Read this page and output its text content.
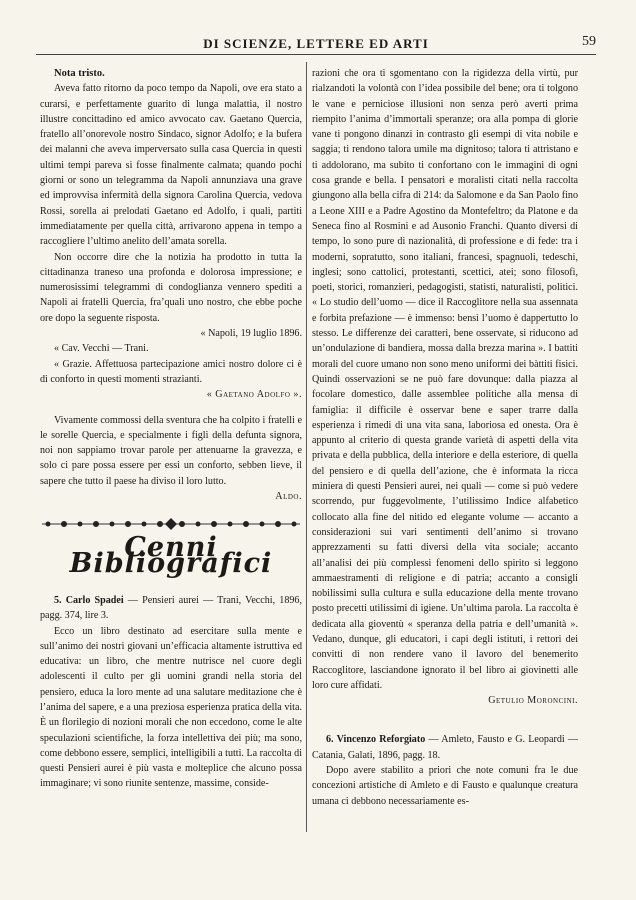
DI SCIENZE, LETTERE ED ARTI	59

Nota tristo.

Aveva fatto ritorno da poco tempo da Napoli, ove era stato a curarsi, e perfettamente guarito di lunga malattia, il nostro illustre concittadino ed amico avvocato cav. Gaetano Quercia, fratello all’onorevole nostro Sindaco, signor Adolfo; e la bufera dei malanni che aveva imperversato sulla casa Quercia in questi ultimi tempi pareva si fosse finalmente calmata; quando pochi giorni or sono un telegramma da Napoli annunziava una grave ed improvvisa infermità della signora Carolina Quercia, vedova Rossi, sorella ai prelodati Gaetano ed Adolfo, i quali, partiti immediatamente per quella città, arrivarono appena in tempo a raccogliere l’ultimo anelito dell’amata sorella.

Non occorre dire che la notizia ha prodotto in tutta la cittadinanza traneso una profonda e dolorosa impressione; e numerosissimi telegrammi di condoglianza vennero spediti a Napoli ai fratelli Quercia, fra’quali uno nostro, che ebbe poche ore dopo la seguente risposta.

« Napoli, 19 luglio 1896.

« Cav. Vecchi — Trani.

« Grazie. Affettuosa partecipazione amici nostro dolore ci è di conforto in questi momenti strazianti.

« Gaetano Adolfo ».

Vivamente commossi della sventura che ha colpito i fratelli e le sorelle Quercia, e specialmente i figli della defunta signora, noi non sappiamo trovar parole per attenuarne la gravezza, e solo ci pare possa essere per essi un conforto, sebben lieve, il sapere che tutto il paese ha diviso il loro lutto.

Aldo.

Cenni Bibliografici

5. Carlo Spadei — Pensieri aurei — Trani, Vecchi, 1896, pagg. 374, lire 3.

Ecco un libro destinato ad esercitare sulla mente e sull’animo dei nostri giovani un’efficacia altamente istruttiva ed educativa: un libro, che mentre nutrisce nel cuore degli adolescenti il culto per gli uomini grandi nella storia del pensiero, educa la loro mente ad una salutare meditazione che è l’anima del sapere, e a una preziosa esperienza pratica della vita. È un florilegio di nozioni morali che non eccedono, come le alte speculazioni scientifiche, la forza intellettiva dei più; ma sono, come debbono essere, semplici, intelligibili a tutti. La raccolta di questi Pensieri aurei è più vasta e molteplice che alcuno possa immaginare; vi sono riunite sentenze, massime, conside-

razioni che ora ti sgomentano con la rigidezza della virtù, pur rialzandoti la volontà con l’idea possibile del bene; ora ti tolgono le vane e perniciose illusioni non senza però averti prima riempito l’anima d’immortali speranze; ora alla pompa di glorie vane ti pongono dinanzi in contrasto gli esempi di vita nobile e saggia; ti rendono talora umile ma dignitoso; talora ti attristano e ti addolorano, ma subito ti confortano con le immagini di ogni cosa grande e bella. I pensatori e moralisti citati nella raccolta giungono alla bella cifra di 214: da Salomone e da San Paolo fino a Leone XIII e a Padre Agostino da Montefeltro; da Platone e da Seneca fino al Rosmini e ad Ausonio Franchi. Quanto diversi di tempo, lo sono pure di nazionalità, di professione e di fede: tra i moderni, sopratutto, sono italiani, francesi, spagnuoli, tedeschi, inglesi; sono cattolici, protestanti, scettici, atei; sono filosofi, poeti, storici, romanzieri, pedagogisti, statisti, naturalisti, politici. « Lo studio dell’uomo — dice il Raccoglitore nella sua assennata e forbita prefazione — è immenso: bensì l’uomo è dappertutto lo stesso. Le differenze dei caratteri, bene osservate, si riducono ad un’ondulazione di bandiera, mossa dalla brezza marina ». I battiti morali del cuore umano non sono meno uniformi dei bàttiti fisici. Quindi osservazioni se ne può fare dovunque: dalla piazza al focolare domestico, dalle assemblee politiche alla mensa di famiglia: il difficile è osservar bene e saper trarre dalla esperienza i rimedi di una vita sana, laboriosa ed onesta. Ora è appunto al criterio di questa grande varietà di aspetti della vita privata e della pubblica, della interiore e della esteriore, di quella del pensiero e di quella dell’azione, che è informata la ricca miniera di questi Pensieri aurei, nei quali — come si può vedere scorrendo, pur fuggevolmente, l’utilissimo Indice alfabetico collocato alla fine del nitido ed elegante volume — accanto a considerazioni sui vari sentimenti dell’animo si trovano apprezzamenti su fatti diversi della vita sociale; accanto all’analisi dei più complessi fenomeni dello spirito si leggono ammaestramenti di religione e di patria; accanto a consigli nobilissimi sulla cultura e sulla educazione della mente trovano posto precetti utilissimi di igiene. Un’ultima parola. La raccolta è dedicata alla gioventù « speranza della patria e dell’umanità ». Vedano, dunque, gli educatori, i capi degli istituti, i rettori dei convitti di non rendere vano il lavoro del benemerito Raccoglitore, lasciandone ignorato il bel libro ai giovinetti alle loro cure affidati.

Getulio Moroncini.

6. Vincenzo Reforgiato — Amleto, Fausto e G. Leopardi — Catania, Galati, 1896, pagg. 18.

Dopo avere stabilito a priori che note comuni fra le due concezioni artistiche di Amleto e di Fausto e qualunque creatura umana ci debbono necessariamente es-
